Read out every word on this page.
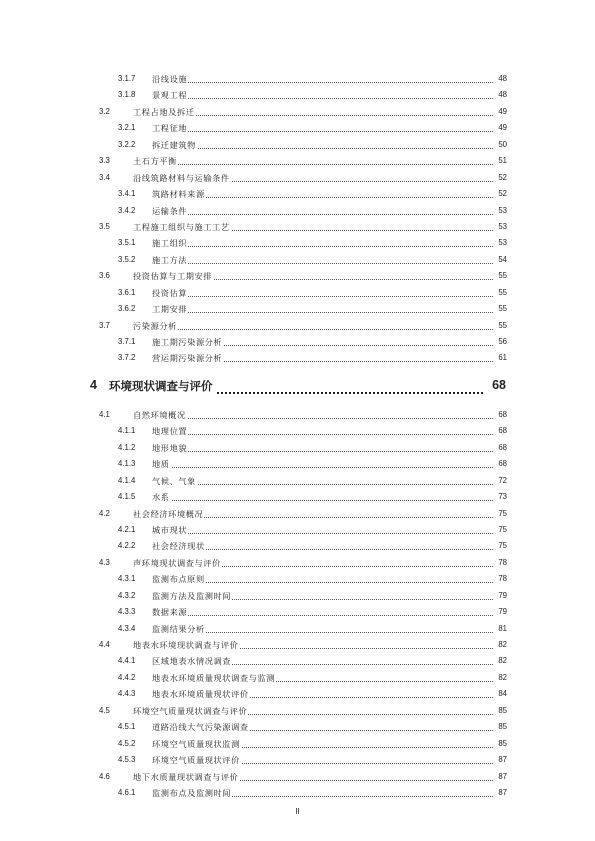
3.1.7 沿线设施	48
3.1.8 景观工程	48
3.2	工程占地及拆迁	49
3.2.1 工程征地	49
3.2.2 拆迁建筑物	50
3.3	土石方平衡	51
3.4	沿线筑路材料与运输条件	52
3.4.1 筑路材料来源	52
3.4.2 运输条件	53
3.5	工程施工组织与施工工艺	53
3.5.1 施工组织	53
3.5.2 施工方法	54
3.6	投资估算与工期安排	55
3.6.1 投资估算	55
3.6.2 工期安排	55
3.7	污染源分析	55
3.7.1 施工期污染源分析	56
3.7.2 营运期污染源分析	61
4 环境现状调查与评价	68
4.1	自然环境概况	68
4.1.1 地理位置	68
4.1.2 地形地貌	68
4.1.3 地质	68
4.1.4 气候、气象	72
4.1.5 水系	73
4.2	社会经济环境概况	75
4.2.1 城市现状	75
4.2.2 社会经济现状	75
4.3	声环境现状调查与评价	78
4.3.1 监测布点原则	78
4.3.2 监测方法及监测时间	79
4.3.3 数据来源	79
4.3.4 监测结果分析	81
4.4	地表水环境现状调查与评价	82
4.4.1 区域地表水情况调查	82
4.4.2 地表水环境质量现状调查与监测	82
4.4.3 地表水环境质量现状评价	84
4.5	环境空气质量现状调查与评价	85
4.5.1 道路沿线大气污染源调查	85
4.5.2 环境空气质量现状监测	85
4.5.3 环境空气质量现状评价	87
4.6	地下水质量现状调查与评价	87
4.6.1 监测布点及监测时间	87
II
